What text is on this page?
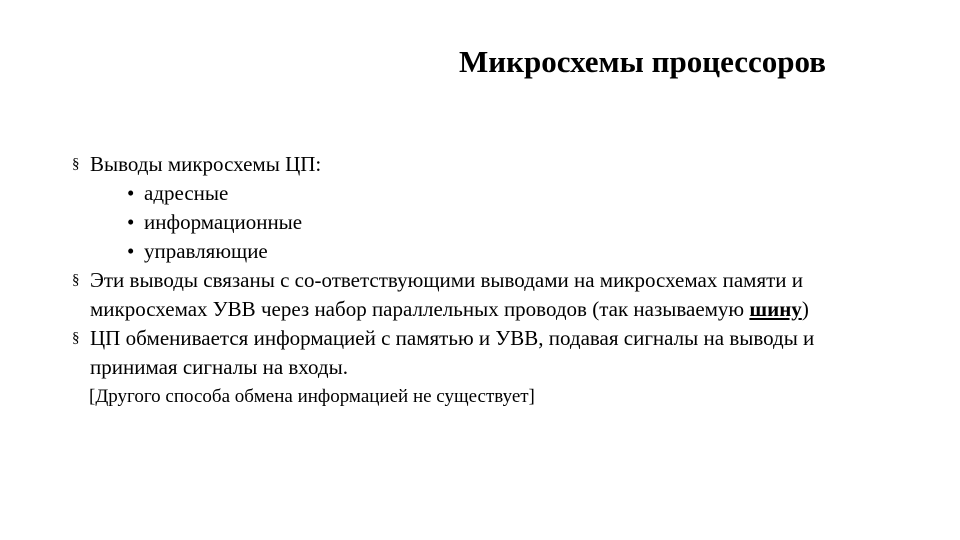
Микросхемы процессоров
§ Выводы микросхемы ЦП:
• адресные
• информационные
• управляющие
§ Эти выводы связаны с со-ответствующими выводами на микросхемах памяти и микросхемах УВВ через набор параллельных проводов (так называемую шину)
§ ЦП обменивается информацией с памятью и УВВ, подавая сигналы на выводы и принимая сигналы на входы.
[Другого способа обмена информацией не существует]
